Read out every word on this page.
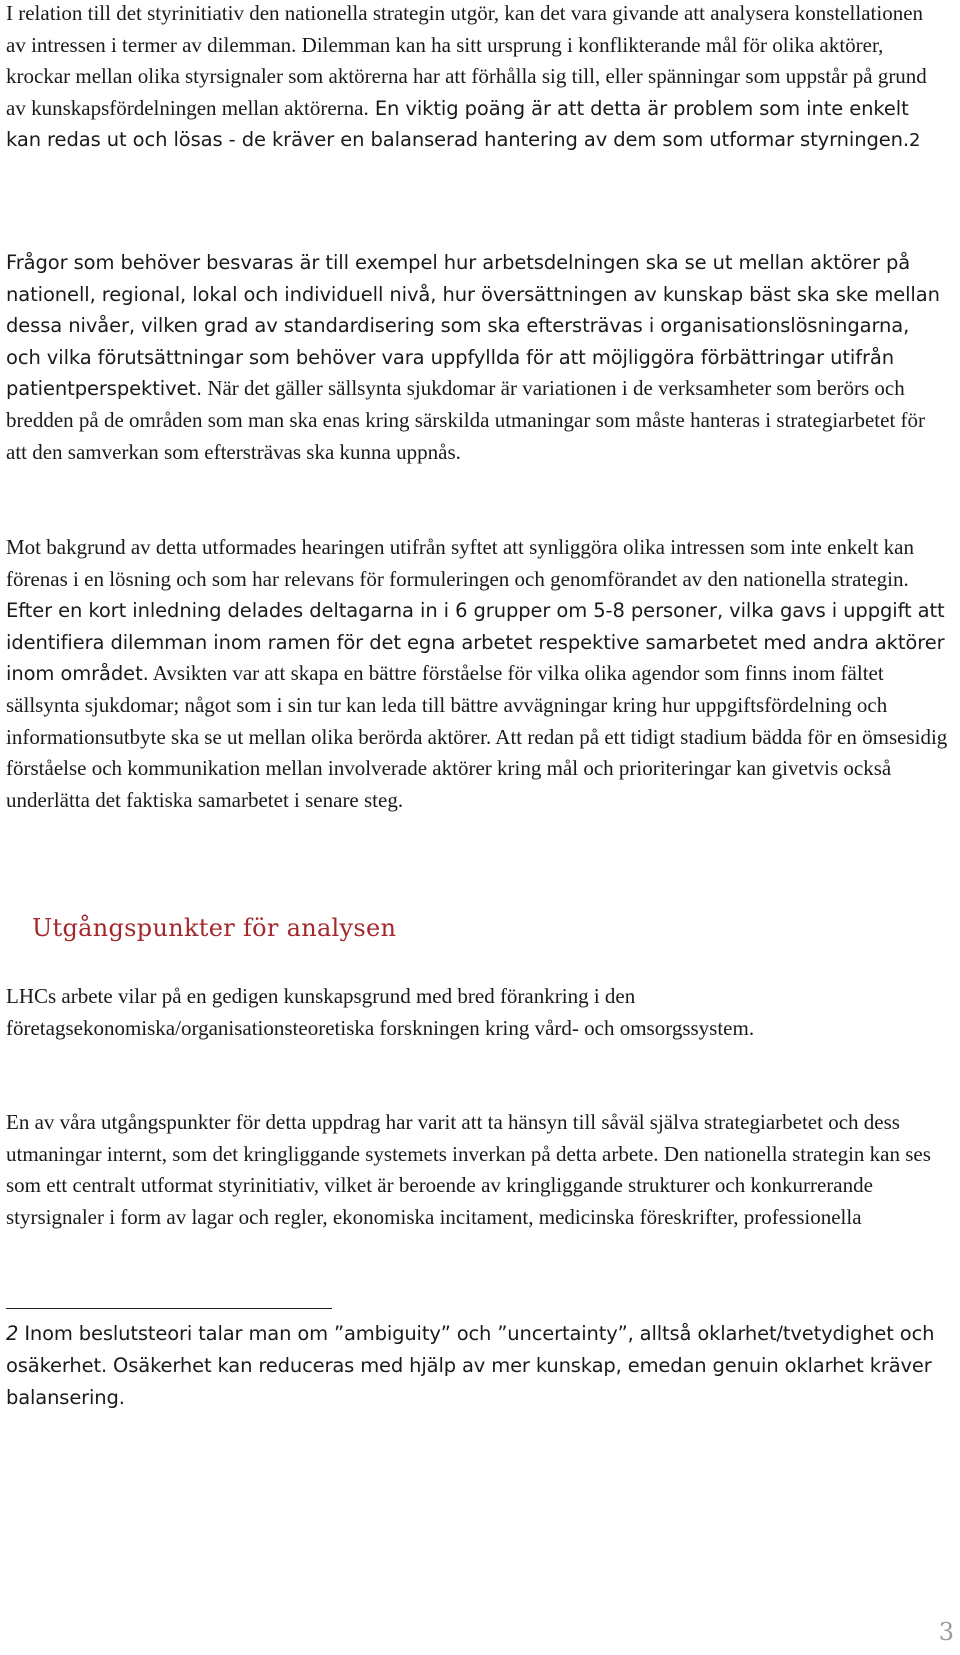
I relation till det styrinitiativ den nationella strategin utgör, kan det vara givande att analysera konstellationen av intressen i termer av dilemman. Dilemman kan ha sitt ursprung i konflikterande mål för olika aktörer, krockar mellan olika styrsignaler som aktörerna har att förhålla sig till, eller spänningar som uppstår på grund av kunskapsfördelningen mellan aktörerna. En viktig poäng är att detta är problem som inte enkelt kan redas ut och lösas - de kräver en balanserad hantering av dem som utformar styrningen.2

Frågor som behöver besvaras är till exempel hur arbetsdelningen ska se ut mellan aktörer på nationell, regional, lokal och individuell nivå, hur översättningen av kunskap bäst ska ske mellan dessa nivåer, vilken grad av standardisering som ska eftersträvas i organisationslösningarna, och vilka förutsättningar som behöver vara uppfyllda för att möjliggöra förbättringar utifrån patientperspektivet. När det gäller sällsynta sjukdomar är variationen i de verksamheter som berörs och bredden på de områden som man ska enas kring särskilda utmaningar som måste hanteras i strategiarbetet för att den samverkan som eftersträvas ska kunna uppnås.

Mot bakgrund av detta utformades hearingen utifrån syftet att synliggöra olika intressen som inte enkelt kan förenas i en lösning och som har relevans för formuleringen och genomförandet av den nationella strategin. Efter en kort inledning delades deltagarna in i 6 grupper om 5-8 personer, vilka gavs i uppgift att identifiera dilemman inom ramen för det egna arbetet respektive samarbetet med andra aktörer inom området. Avsikten var att skapa en bättre förståelse för vilka olika agendor som finns inom fältet sällsynta sjukdomar; något som i sin tur kan leda till bättre avvägningar kring hur uppgiftsfördelning och informationsutbyte ska se ut mellan olika berörda aktörer. Att redan på ett tidigt stadium bädda för en ömsesidig förståelse och kommunikation mellan involverade aktörer kring mål och prioriteringar kan givetvis också underlätta det faktiska samarbetet i senare steg.

Utgångspunkter för analysen

LHCs arbete vilar på en gedigen kunskapsgrund med bred förankring i den företagsekonomiska/organisationsteoretiska forskningen kring vård- och omsorgssystem.

En av våra utgångspunkter för detta uppdrag har varit att ta hänsyn till såväl själva strategiarbetet och dess utmaningar internt, som det kringliggande systemets inverkan på detta arbete. Den nationella strategin kan ses som ett centralt utformat styrinitiativ, vilket är beroende av kringliggande strukturer och konkurrerande styrsignaler i form av lagar och regler, ekonomiska incitament, medicinska föreskrifter, professionella

2 Inom beslutsteori talar man om ”ambiguity” och ”uncertainty”, alltså oklarhet/tvetydighet och osäkerhet. Osäkerhet kan reduceras med hjälp av mer kunskap, emedan genuin oklarhet kräver balansering.

3
